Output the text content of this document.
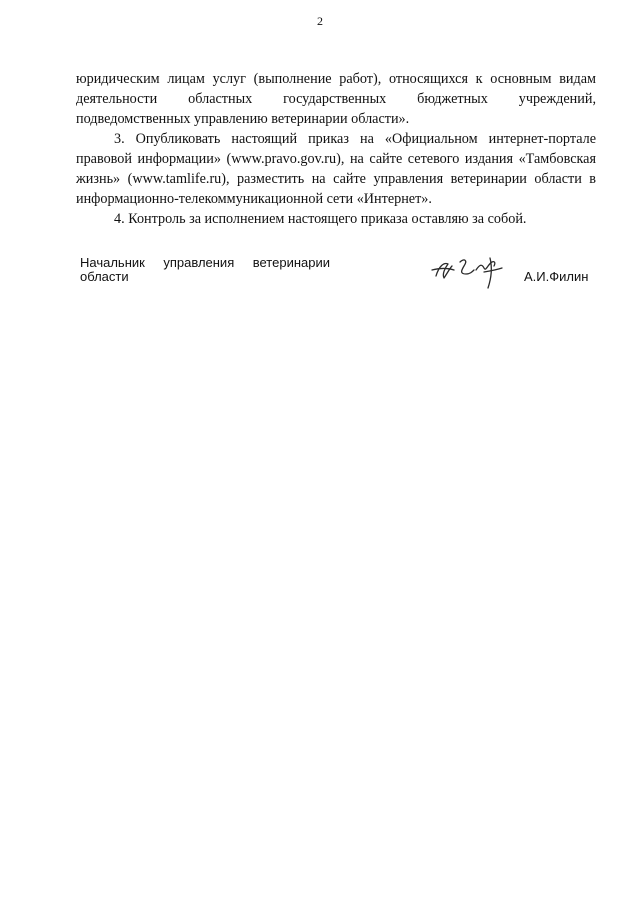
2

юридическим лицам услуг (выполнение работ), относящихся к основным видам деятельности областных государственных бюджетных учреждений, подведомственных управлению ветеринарии области».

3. Опубликовать настоящий приказ на «Официальном интернет-портале правовой информации» (www.pravo.gov.ru), на сайте сетевого издания «Тамбовская жизнь» (www.tamlife.ru), разместить на сайте управления ветеринарии области в информационно-телекоммуникационной сети «Интернет».

4. Контроль за исполнением настоящего приказа оставляю за собой.

Начальник управления ветеринарии области	А.И.Филин
